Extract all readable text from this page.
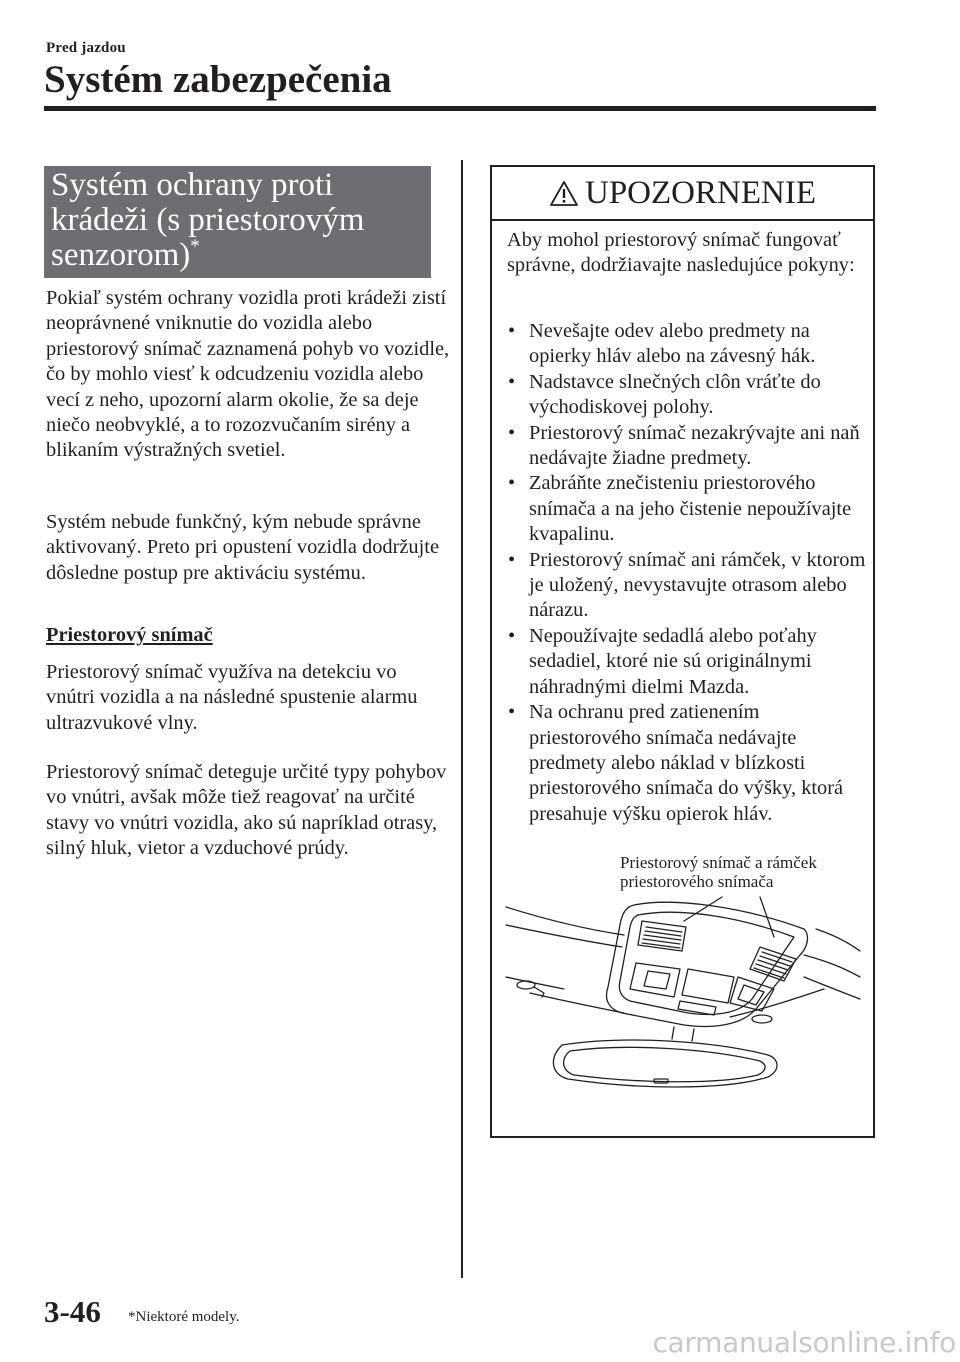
Pred jazdou
Systém zabezpečenia
Systém ochrany proti krádeži (s priestorovým senzorom)*

Pokiaľ systém ochrany vozidla proti krádeži zistí neoprávnené vniknutie do vozidla alebo priestorový snímač zaznamená pohyb vo vozidle, čo by mohlo viesť k odcudzeniu vozidla alebo vecí z neho, upozorní alarm okolie, že sa deje niečo neobvyklé, a to rozozvučaním sirény a blikaním výstražných svetiel.

Systém nebude funkčný, kým nebude správne aktivovaný. Preto pri opustení vozidla dodržujte dôsledne postup pre aktiváciu systému.

Priestorový snímač

Priestorový snímač využíva na detekciu vo vnútri vozidla a na následné spustenie alarmu ultrazvukové vlny.

Priestorový snímač deteguje určité typy pohybov vo vnútri, avšak môže tiež reagovať na určité stavy vo vnútri vozidla, ako sú napríklad otrasy, silný hluk, vietor a vzduchové prúdy.

UPOZORNENIE
Aby mohol priestorový snímač fungovať správne, dodržiavajte nasledujúce pokyny:
• Nevešajte odev alebo predmety na opierky hláv alebo na závesný hák.
• Nadstavce slnečných clôn vráťte do východiskovej polohy.
• Priestorový snímač nezakrývajte ani naň nedávajte žiadne predmety.
• Zabráňte znečisteniu priestorového snímača a na jeho čistenie nepoužívajte kvapalinu.
• Priestorový snímač ani rámček, v ktorom je uložený, nevystavujte otrasom alebo nárazu.
• Nepoužívajte sedadlá alebo poťahy sedadiel, ktoré nie sú originálnymi náhradnými dielmi Mazda.
• Na ochranu pred zatienením priestorového snímača nedávajte predmety alebo náklad v blízkosti priestorového snímača do výšky, ktorá presahuje výšku opierok hláv.
Priestorový snímač a rámček priestorového snímača
3-46 *Niektoré modely.
carmanualsonline.info
